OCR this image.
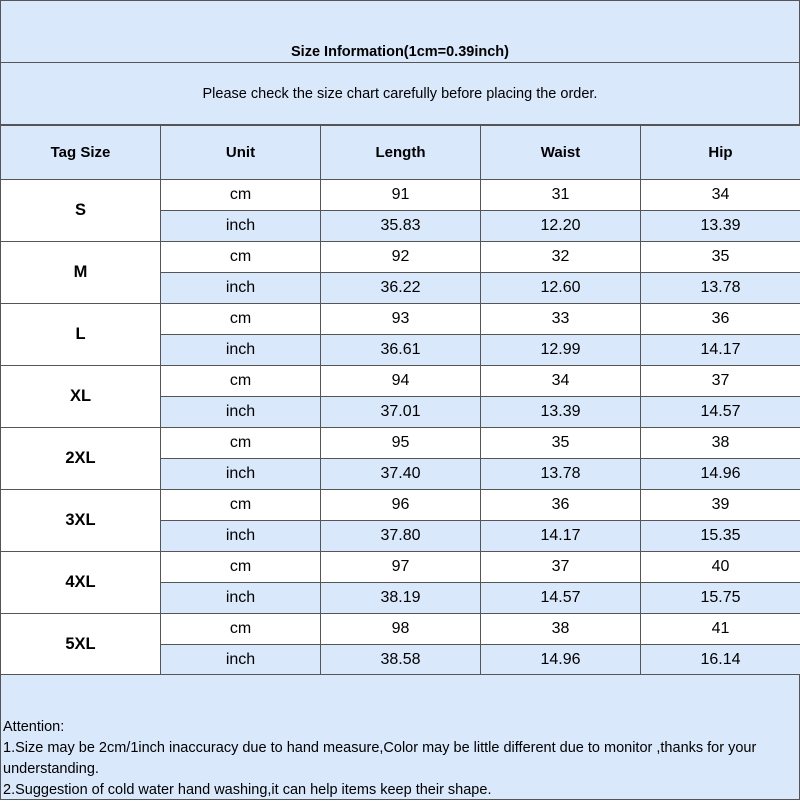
Size Information(1cm=0.39inch)
Please check the size chart carefully before placing the order.
Tag Size	Unit	Length	Waist	Hip
S	cm	91	31	34
	inch	35.83	12.20	13.39
M	cm	92	32	35
	inch	36.22	12.60	13.78
L	cm	93	33	36
	inch	36.61	12.99	14.17
XL	cm	94	34	37
	inch	37.01	13.39	14.57
2XL	cm	95	35	38
	inch	37.40	13.78	14.96
3XL	cm	96	36	39
	inch	37.80	14.17	15.35
4XL	cm	97	37	40
	inch	38.19	14.57	15.75
5XL	cm	98	38	41
	inch	38.58	14.96	16.14

Attention:

1.Size may be 2cm/1inch inaccuracy due to hand measure,Color may be little different due to monitor ,thanks for your understanding.

2.Suggestion of cold water hand washing,it can help items keep their shape.
